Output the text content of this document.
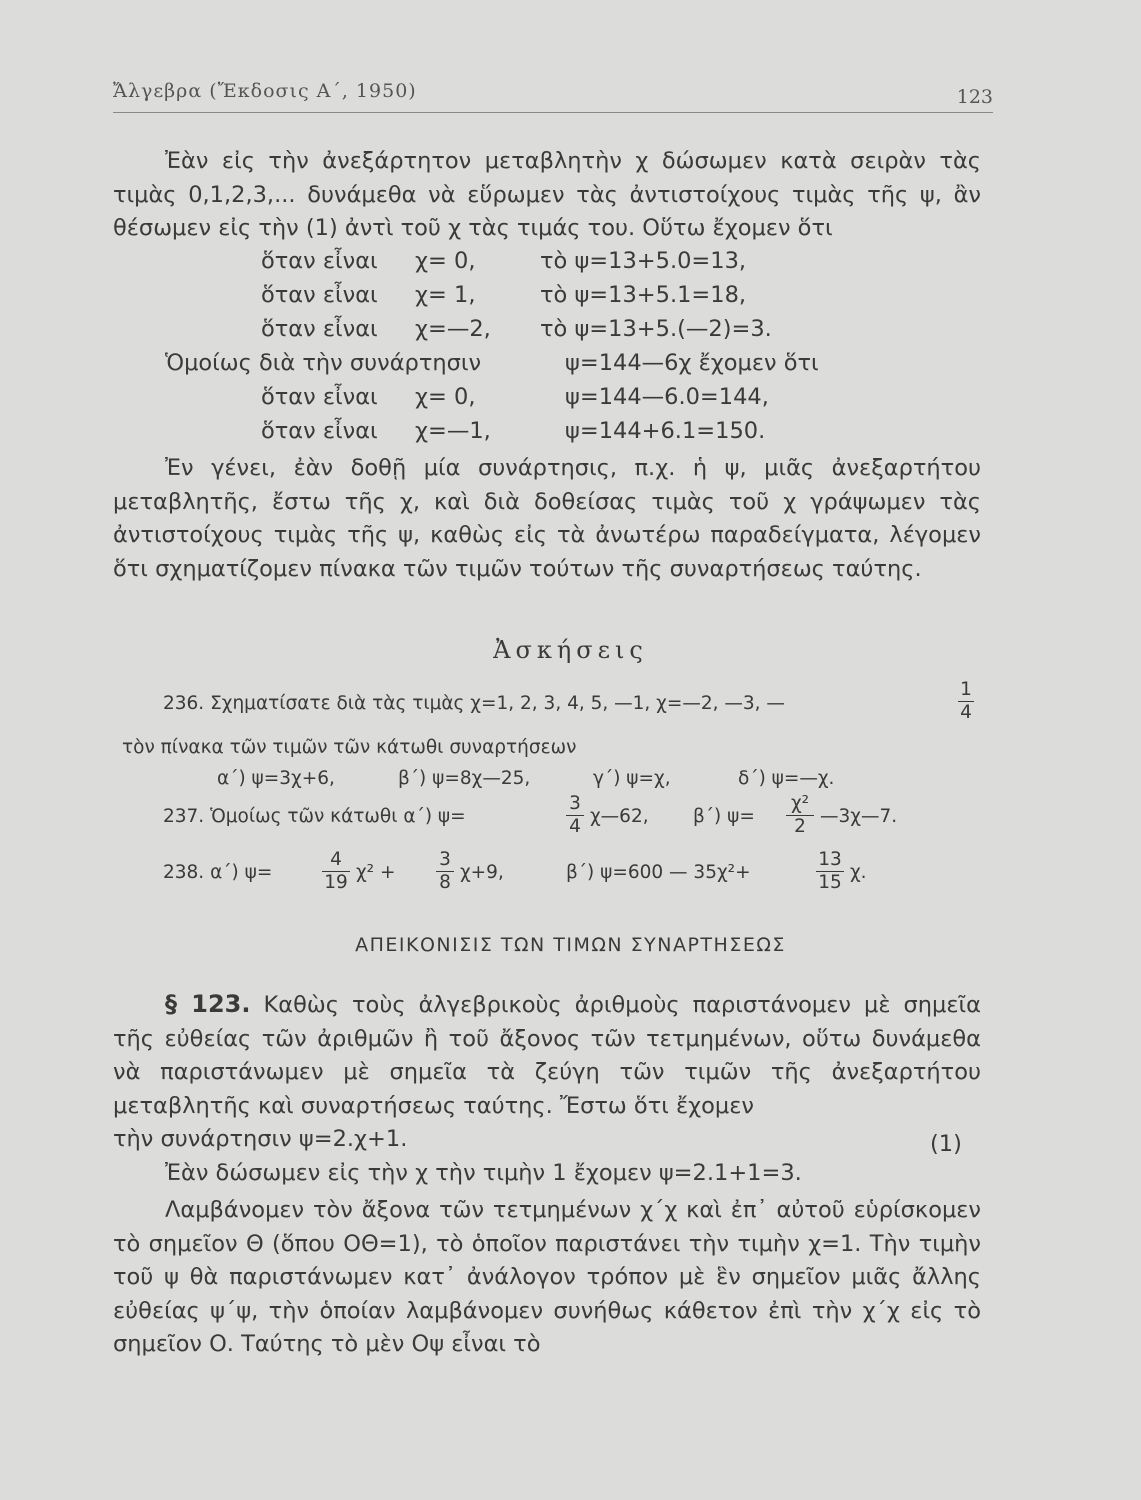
Ἄλγεβρα (Ἔκδοσις Α΄, 1950)	123
Ἐὰν εἰς τὴν ἀνεξάρτητον μεταβλητὴν χ δώσωμεν κατὰ σειρὰν τὰς τιμὰς 0,1,2,3,... δυνάμεθα νὰ εὕρωμεν τὰς ἀντιστοίχους τιμὰς τῆς ψ, ἂν θέσωμεν εἰς τὴν (1) ἀντὶ τοῦ χ τὰς τιμάς του. Οὕτω ἔχομεν ὅτι
ὅταν εἶναι χ= 0,	τὸ ψ=13+5.0=13,
ὅταν εἶναι χ= 1,	τὸ ψ=13+5.1=18,
ὅταν εἶναι χ=—2, τὸ ψ=13+5.(—2)=3.
Ὁμοίως διὰ τὴν συνάρτησιν	ψ=144—6χ ἔχομεν ὅτι
ὅταν εἶναι χ= 0,	ψ=144—6.0=144,
ὅταν εἶναι χ=—1,	ψ=144+6.1=150.
Ἐν γένει, ἐὰν δοθῇ μία συνάρτησις, π.χ. ἡ ψ, μιᾶς ἀνεξαρτήτου μεταβλητῆς, ἔστω τῆς χ, καὶ διὰ δοθείσας τιμὰς τοῦ χ γράψωμεν τὰς ἀντιστοίχους τιμὰς τῆς ψ, καθὼς εἰς τὰ ἀνωτέρω παραδείγματα, λέγομεν ὅτι σχηματίζομεν πίνακα τῶν τιμῶν τούτων τῆς συναρτήσεως ταύτης.
Ἀσκήσεις
236. Σχηματίσατε διὰ τὰς τιμὰς χ=1, 2, 3, 4, 5, —1, χ=—2, —3, —
1
4
τὸν πίνακα τῶν τιμῶν τῶν κάτωθι συναρτήσεων
α΄) ψ=3χ+6,	β΄) ψ=8χ—25,	γ΄) ψ=χ,	δ΄) ψ=—χ.
237. Ὁμοίως τῶν κάτωθι α΄) ψ=
3
4 χ—62, β΄) ψ=
χ²
2 —3χ—7.
238. α΄) ψ=
4
19 χ² +
3
8 χ+9,	β΄) ψ=600 — 35χ²+
13
15 χ.
ΑΠΕΙΚΟΝΙΣΙΣ ΤΩΝ ΤΙΜΩΝ ΣΥΝΑΡΤΗΣΕΩΣ
§ 123. Καθὼς τοὺς ἀλγεβρικοὺς ἀριθμοὺς παριστάνομεν μὲ σημεῖα τῆς εὐθείας τῶν ἀριθμῶν ἢ τοῦ ἄξονος τῶν τετμημένων, οὕτω δυνάμεθα νὰ παριστάνωμεν μὲ σημεῖα τὰ ζεύγη τῶν τιμῶν τῆς ἀνεξαρτήτου μεταβλητῆς καὶ συναρτήσεως ταύτης. Ἔστω ὅτι ἔχομεν
τὴν συνάρτησιν ψ=2.χ+1.	(1)
Ἐὰν δώσωμεν εἰς τὴν χ τὴν τιμὴν 1 ἔχομεν ψ=2.1+1=3.
Λαμβάνομεν τὸν ἄξονα τῶν τετμημένων χ΄χ καὶ ἐπ᾽ αὐτοῦ εὑρίσκομεν τὸ σημεῖον Θ (ὅπου ΟΘ=1), τὸ ὁποῖον παριστάνει τὴν τιμὴν χ=1. Τὴν τιμὴν τοῦ ψ θὰ παριστάνωμεν κατ᾽ ἀνάλογον τρόπον μὲ ἓν σημεῖον μιᾶς ἄλλης εὐθείας ψ΄ψ, τὴν ὁποίαν λαμβάνομεν συνήθως κάθετον ἐπὶ τὴν χ΄χ εἰς τὸ σημεῖον Ο. Ταύτης τὸ μὲν Οψ εἶναι τὸ
